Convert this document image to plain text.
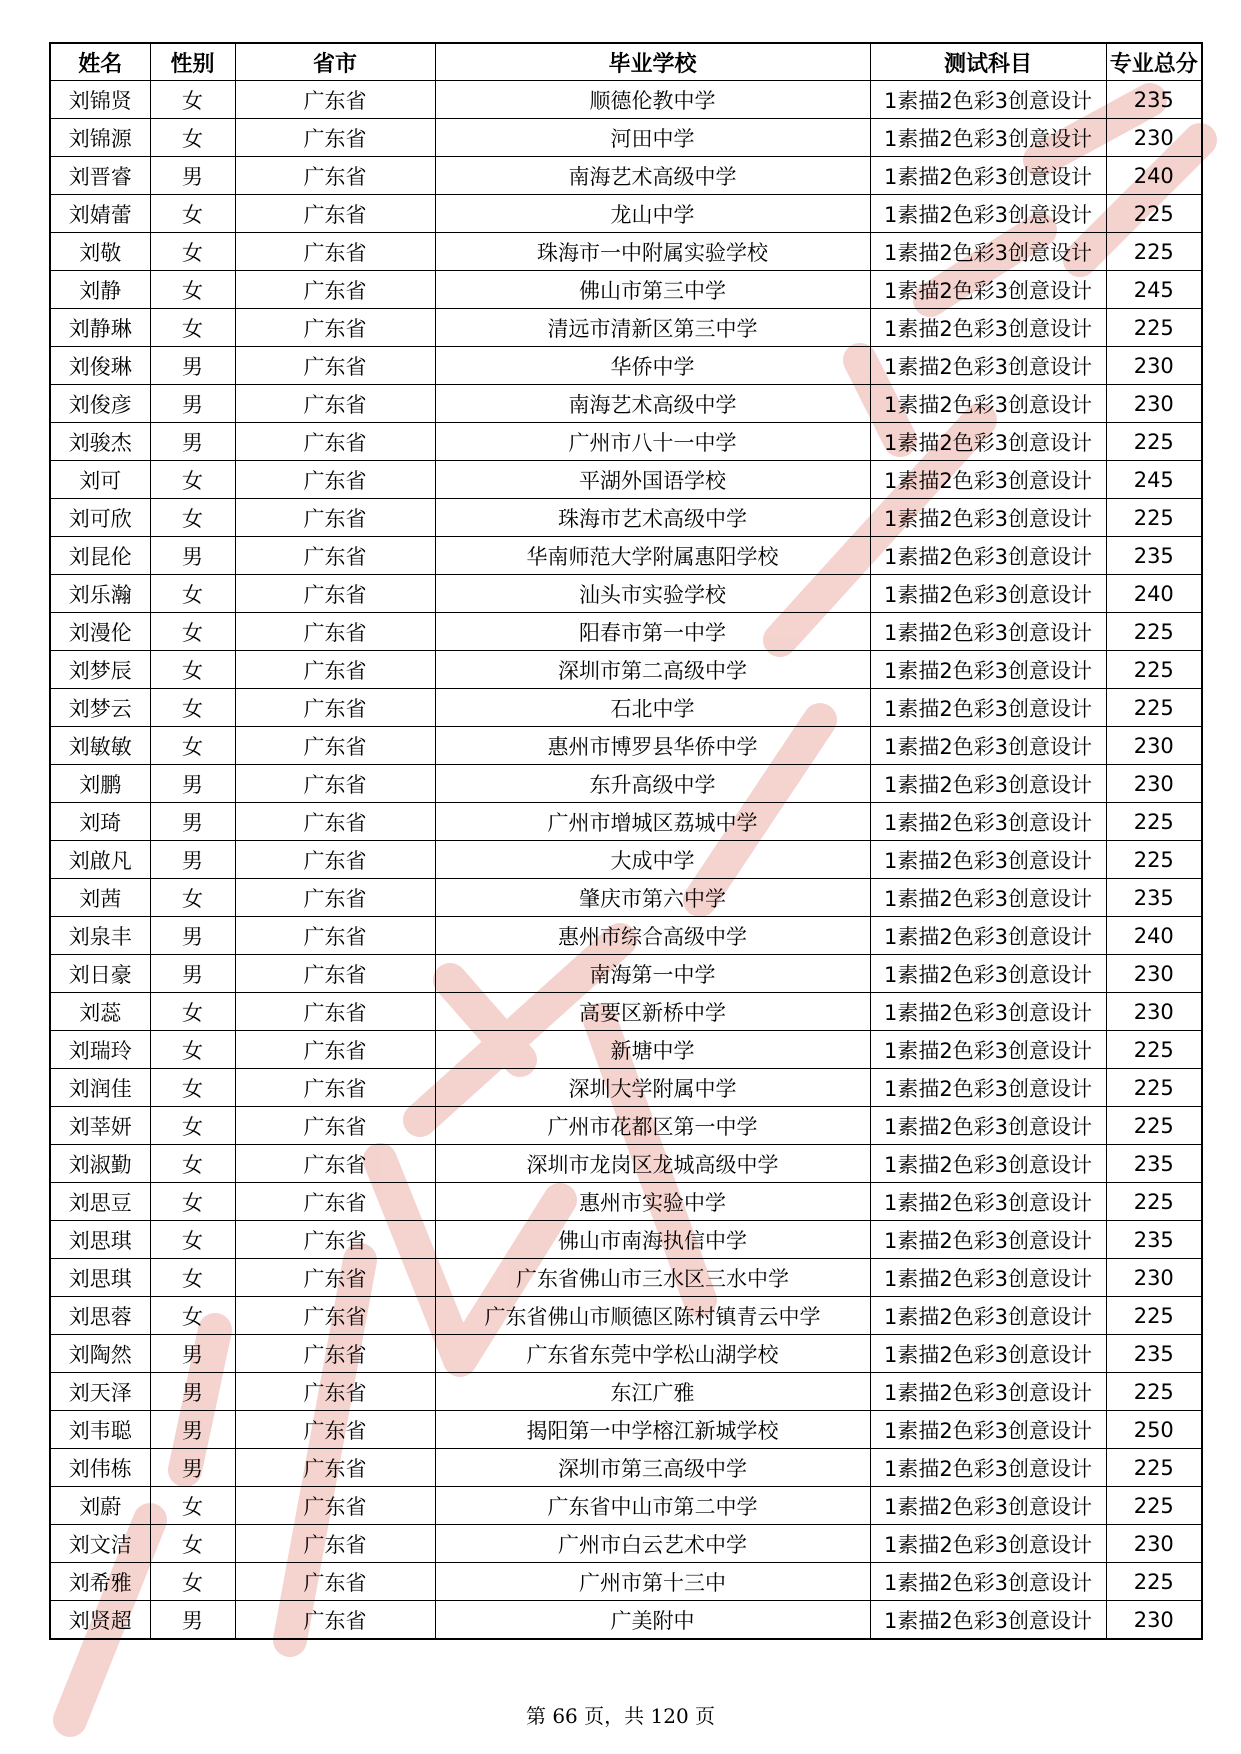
姓名	性别	省市	毕业学校	测试科目	专业总分
刘锦贤	女	广东省	顺德伦教中学	1素描2色彩3创意设计	235
刘锦源	女	广东省	河田中学	1素描2色彩3创意设计	230
刘晋睿	男	广东省	南海艺术高级中学	1素描2色彩3创意设计	240
刘婧蕾	女	广东省	龙山中学	1素描2色彩3创意设计	225
刘敬	女	广东省	珠海市一中附属实验学校	1素描2色彩3创意设计	225
刘静	女	广东省	佛山市第三中学	1素描2色彩3创意设计	245
刘静琳	女	广东省	清远市清新区第三中学	1素描2色彩3创意设计	225
刘俊琳	男	广东省	华侨中学	1素描2色彩3创意设计	230
刘俊彦	男	广东省	南海艺术高级中学	1素描2色彩3创意设计	230
刘骏杰	男	广东省	广州市八十一中学	1素描2色彩3创意设计	225
刘可	女	广东省	平湖外国语学校	1素描2色彩3创意设计	245
刘可欣	女	广东省	珠海市艺术高级中学	1素描2色彩3创意设计	225
刘昆伦	男	广东省	华南师范大学附属惠阳学校	1素描2色彩3创意设计	235
刘乐瀚	女	广东省	汕头市实验学校	1素描2色彩3创意设计	240
刘漫伦	女	广东省	阳春市第一中学	1素描2色彩3创意设计	225
刘梦辰	女	广东省	深圳市第二高级中学	1素描2色彩3创意设计	225
刘梦云	女	广东省	石北中学	1素描2色彩3创意设计	225
刘敏敏	女	广东省	惠州市博罗县华侨中学	1素描2色彩3创意设计	230
刘鹏	男	广东省	东升高级中学	1素描2色彩3创意设计	230
刘琦	男	广东省	广州市增城区荔城中学	1素描2色彩3创意设计	225
刘啟凡	男	广东省	大成中学	1素描2色彩3创意设计	225
刘茜	女	广东省	肇庆市第六中学	1素描2色彩3创意设计	235
刘泉丰	男	广东省	惠州市综合高级中学	1素描2色彩3创意设计	240
刘日豪	男	广东省	南海第一中学	1素描2色彩3创意设计	230
刘蕊	女	广东省	高要区新桥中学	1素描2色彩3创意设计	230
刘瑞玲	女	广东省	新塘中学	1素描2色彩3创意设计	225
刘润佳	女	广东省	深圳大学附属中学	1素描2色彩3创意设计	225
刘莘妍	女	广东省	广州市花都区第一中学	1素描2色彩3创意设计	225
刘淑勤	女	广东省	深圳市龙岗区龙城高级中学	1素描2色彩3创意设计	235
刘思豆	女	广东省	惠州市实验中学	1素描2色彩3创意设计	225
刘思琪	女	广东省	佛山市南海执信中学	1素描2色彩3创意设计	235
刘思琪	女	广东省	广东省佛山市三水区三水中学	1素描2色彩3创意设计	230
刘思蓉	女	广东省	广东省佛山市顺德区陈村镇青云中学	1素描2色彩3创意设计	225
刘陶然	男	广东省	广东省东莞中学松山湖学校	1素描2色彩3创意设计	235
刘天泽	男	广东省	东江广雅	1素描2色彩3创意设计	225
刘韦聪	男	广东省	揭阳第一中学榕江新城学校	1素描2色彩3创意设计	250
刘伟栋	男	广东省	深圳市第三高级中学	1素描2色彩3创意设计	225
刘蔚	女	广东省	广东省中山市第二中学	1素描2色彩3创意设计	225
刘文洁	女	广东省	广州市白云艺术中学	1素描2色彩3创意设计	230
刘希雅	女	广东省	广州市第十三中	1素描2色彩3创意设计	225
刘贤超	男	广东省	广美附中	1素描2色彩3创意设计	230
第 66 页，共 120 页
